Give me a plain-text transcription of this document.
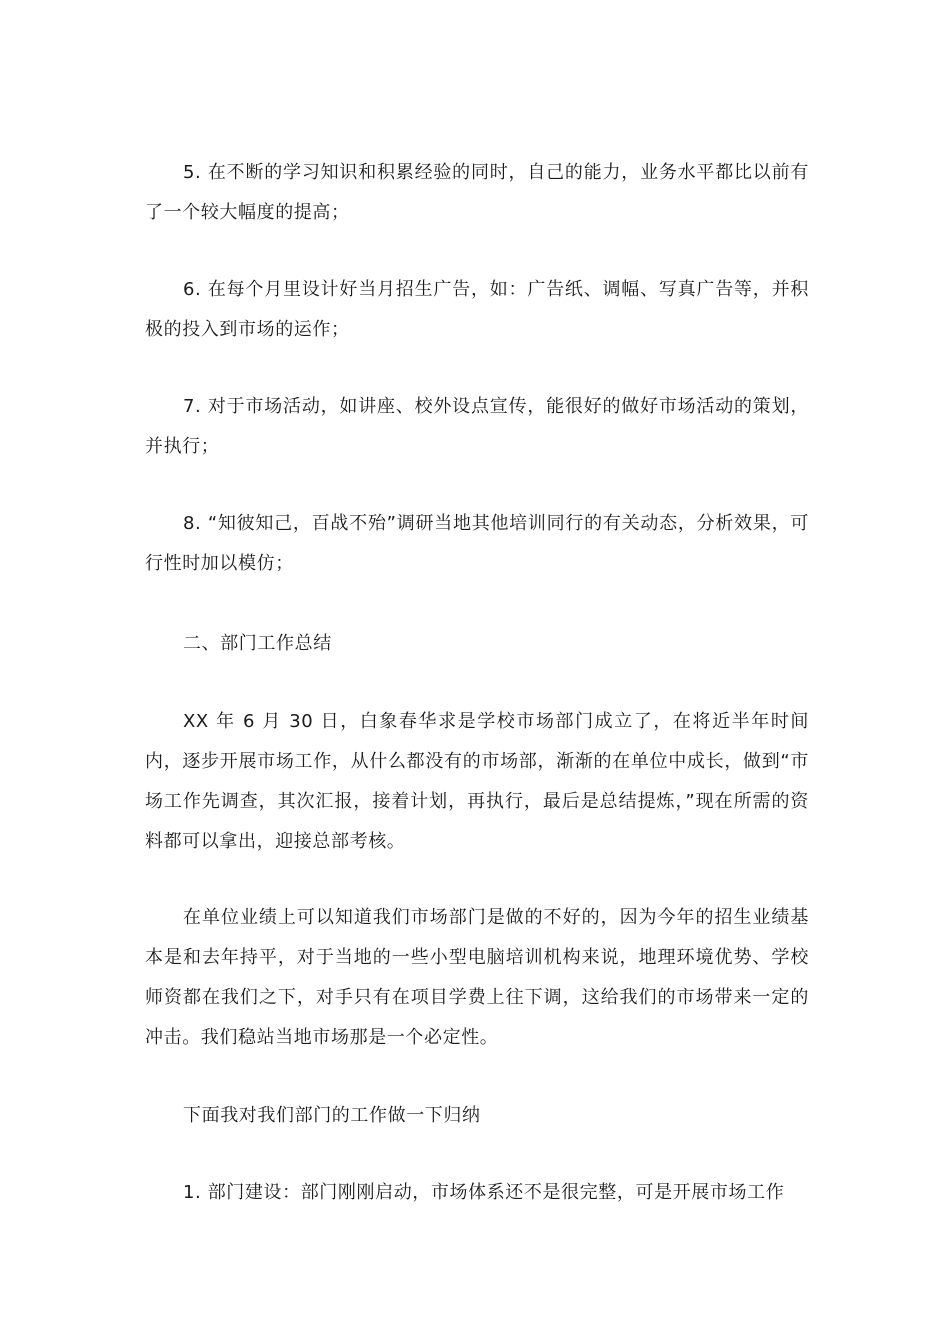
5. 在不断的学习知识和积累经验的同时，自己的能力，业务水平都比以前有了一个较大幅度的提高；

6. 在每个月里设计好当月招生广告，如：广告纸、调幅、写真广告等，并积极的投入到市场的运作；

7. 对于市场活动，如讲座、校外设点宣传，能很好的做好市场活动的策划，并执行；

8. “知彼知己，百战不殆”调研当地其他培训同行的有关动态，分析效果，可行性时加以模仿；

二、部门工作总结

XX 年 6 月 30 日，白象春华求是学校市场部门成立了，在将近半年时间内，逐步开展市场工作，从什么都没有的市场部，渐渐的在单位中成长，做到“市场工作先调查，其次汇报，接着计划，再执行，最后是总结提炼，”现在所需的资料都可以拿出，迎接总部考核。

在单位业绩上可以知道我们市场部门是做的不好的，因为今年的招生业绩基本是和去年持平，对于当地的一些小型电脑培训机构来说，地理环境优势、学校师资都在我们之下，对手只有在项目学费上往下调，这给我们的市场带来一定的冲击。我们稳站当地市场那是一个必定性。

下面我对我们部门的工作做一下归纳

1. 部门建设：部门刚刚启动，市场体系还不是很完整，可是开展市场工作
